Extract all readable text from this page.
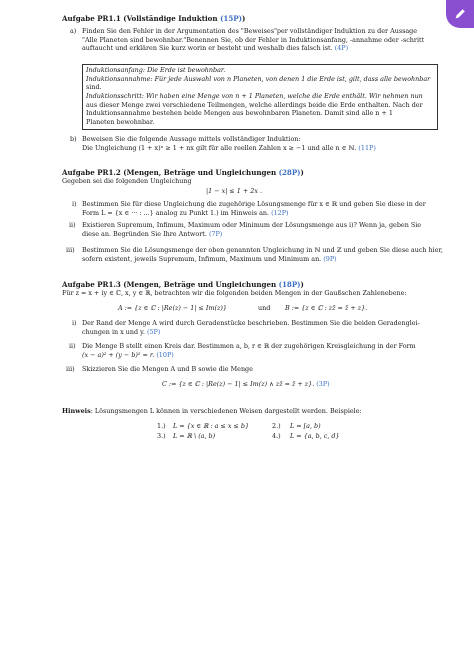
Aufgabe PR1.1 (Vollständige Induktion (15P))
a) Finden Sie den Fehler in der Argumentation des "Beweises"per vollständiger Induktion zu der Aussage
"Alle Planeten sind bewohnbar."Benennen Sie, ob der Fehler in Induktionsanfang, -annahme oder -schritt
auftaucht und erklären Sie kurz worin er besteht und weshalb dies falsch ist. (4P)
Induktionsanfang: Die Erde ist bewohnbar.
Induktionsannahme: Für jede Auswahl von n Planeten, von denen 1 die Erde ist, gilt, dass alle bewohnbar
sind.
Induktionsschritt: Wir haben eine Menge von n + 1 Planeten, welche die Erde enthält. Wir nehmen nun
aus dieser Menge zwei verschiedene Teilmengen, welche allerdings beide die Erde enthalten. Nach der
Induktionsannahme bestehen beide Mengen aus bewohnbaren Planeten. Damit sind alle n + 1
Planeten bewohnbar.
b) Beweisen Sie die folgende Aussage mittels vollständiger Induktion:
Die Ungleichung (1 + x)ⁿ ≥ 1 + nx gilt für alle reellen Zahlen x ≥ −1 und alle n ∈ ℕ. (11P)
Aufgabe PR1.2 (Mengen, Beträge und Ungleichungen (28P))
Gegeben sei die folgenden Ungleichung
|1 − x| ≤ 1 + 2x .
i) Bestimmen Sie für diese Ungleichung die zugehörige Lösungsmenge für x ∈ ℝ und geben Sie diese in der
Form L = {x ∈ ··· : ...} analog zu Punkt 1.) im Hinweis an. (12P)
ii) Existieren Supremum, Infimum, Maximum oder Minimum der Lösungsmenge aus i)? Wenn ja, geben Sie
diese an. Begründen Sie Ihre Antwort. (7P)
iii) Bestimmen Sie die Lösungsmenge der oben genannten Ungleichung in ℕ und ℤ und geben Sie diese auch hier,
sofern existent, jeweils Supremum, Infimum, Maximum und Minimum an. (9P)
Aufgabe PR1.3 (Mengen, Beträge und Ungleichungen (18P))
Für z = x + iy ∈ ℂ, x, y ∈ ℝ, betrachten wir die folgenden beiden Mengen in der Gaußschen Zahlenebene:
A := {z ∈ ℂ : |Re(z) − 1| ≤ Im(z)}	und B := {z ∈ ℂ : zz̄ = z̄ + z}.
i) Der Rand der Menge A wird durch Geradenstücke beschrieben. Bestimmen Sie die beiden Geradenglei-
chungen in x und y. (5P)
ii) Die Menge B stellt einen Kreis dar. Bestimmen a, b, r ∈ ℝ der zugehörigen Kreisgleichung in der Form
(x − a)² + (y − b)² = r. (10P)
iii) Skizzieren Sie die Mengen A und B sowie die Menge
C := {z ∈ ℂ : |Re(z) − 1| ≤ Im(z) ∧ zz̄ = z̄ + z}. (3P)
Hinweis: Lösungsmengen L können in verschiedenen Weisen dargestellt werden. Beispiele:
1.) L = {x ∈ ℝ : a ≤ x ≤ b}	2.) L = [a, b)
3.) L = ℝ \ (a, b)	4.) L = {a, b, c, d}
